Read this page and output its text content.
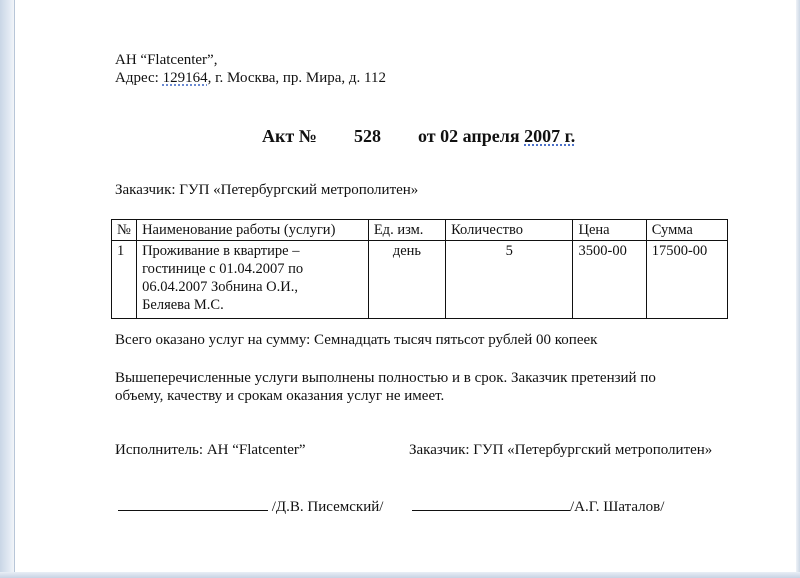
АН “Flatcenter”,
Адрес: 129164, г. Москва, пр. Мира, д. 112
Акт № 528 от 02 апреля 2007 г.
Заказчик: ГУП «Петербургский метрополитен»
№	Наименование работы (услуги)	Ед. изм.	Количество	Цена	Сумма
1	Проживание в квартире –
гостинице с 01.04.2007 по
06.04.2007 Зобнина О.И.,
Беляева М.С.	день	5	3500-00	17500-00
Всего оказано услуг на сумму: Семнадцать тысяч пятьсот рублей 00 копеек
Вышеперечисленные услуги выполнены полностью и в срок. Заказчик претензий по
объему, качеству и срокам оказания услуг не имеет.
Исполнитель: АН “Flatcenter”	Заказчик: ГУП «Петербургский метрополитен»
/Д.В. Писемский/	/А.Г. Шаталов/
